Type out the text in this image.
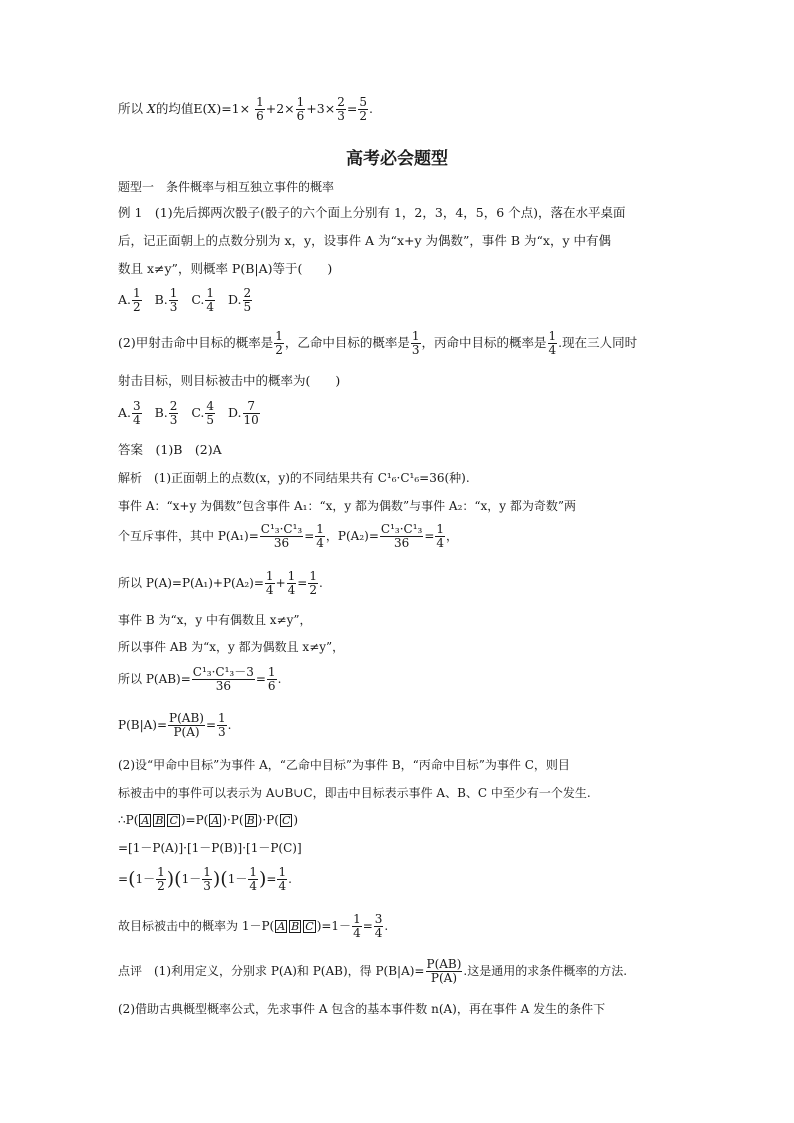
所以 X的均值$E(X)=1\times \frac{1}{6} +2\times \frac{1}{6} +3\times \frac{2}{3} = \frac{5}{2}$ .
高考必会题型
题型一　条件概率与相互独立事件的概率
例 1　(1)先后掷两次骰子(骰子的六个面上分别有 1，2，3，4，5，6 个点)，落在水平桌面
后，记正面朝上的点数分别为 x，y，设事件 A 为“x+y 为偶数”，事件 B 为“x，y 中有偶
数且 x≠y”，则概率 P(B|A)等于(　　)
A. $\frac{1}{2} B$. $\frac{1}{3} C$. $\frac{1}{4} D$. $\frac{2}{5}$
(2)甲射击命中目标的概率是 $\frac{1}{2}$ ，乙命中目标的概率是 $\frac{1}{3}$ ，丙命中目标的概率是 $\frac{1}{4}$ .现在三人同时
射击目标，则目标被击中的概率为(　　)
A. $\frac{3}{4} B$. $\frac{2}{3} C$. $\frac{4}{5} D$. $\frac{7}{10}$
答案　(1)B　(2)A
解析　(1)正面朝上的点数(x，y)的不同结果共有 C¹₆·C¹₆=36(种).
事件 A：“x+y 为偶数”包含事件 A₁：“x，y 都为偶数”与事件 A₂：“x，y 都为奇数”两
个互斥事件，其中 $P(A_1)= \frac{\text{C¹₃·C¹₃}}{36} = \frac{1}{4}$ ，$P(A_2)= \frac{\text{C¹₃·C¹₃}}{36} = \frac{1}{4}$ ，
所以 $P(A)=P(A_1)+P(A_2)= \frac{1}{4} + \frac{1}{4} = \frac{1}{2}$ .
事件 B 为“x，y 中有偶数且 x≠y”，
所以事件 AB 为“x，y 都为偶数且 x≠y”，
所以 $P(AB)= \frac{\text{C¹₃·C¹₃－3}}{36} = \frac{1}{6}$ .
$P(B|A)= \frac{P(AB)}{P(A)} = \frac{1}{3}$ .
(2)设“甲命中目标”为事件 A，“乙命中目标”为事件 B，“丙命中目标”为事件 C，则目
标被击中的事件可以表示为 A∪B∪C，即击中目标表示事件 A、B、C 中至少有一个发生.
∴P( A B C )=P( A )·P( B )·P( C )
=[1－P(A)]·[1－P(B)]·[1－P(C)]
$=(1- \frac{1}{2} )(1- \frac{1}{3} )(1- \frac{1}{4}$ )= $\frac{1}{4}$ .
故目标被击中的概率为 1－P( A B C )$=1- \frac{1}{4} = \frac{3}{4}$ .
点评　(1)利用定义，分别求 P(A)和 P(AB)，得 $P(B|A)= \frac{P(AB)}{P(A)}$ .这是通用的求条件概率的方法.
(2)借助古典概型概率公式，先求事件 A 包含的基本事件数 n(A)，再在事件 A 发生的条件下
